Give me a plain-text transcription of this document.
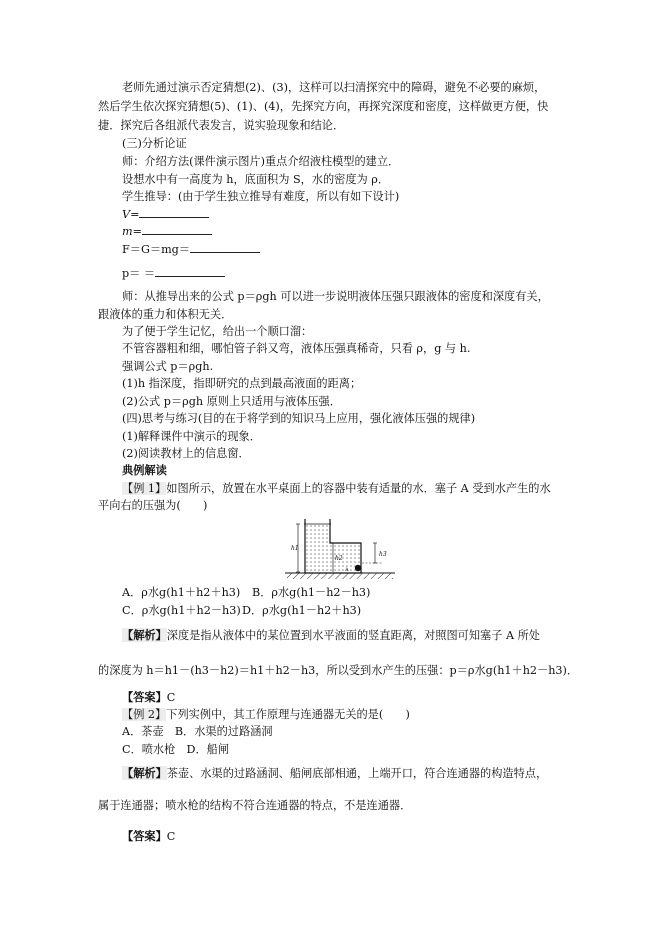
老师先通过演示否定猜想(2)、(3)，这样可以扫清探究中的障碍，避免不必要的麻烦，
然后学生依次探究猜想(5)、(1)、(4)，先探究方向，再探究深度和密度，这样做更方便，快
捷．探究后各组派代表发言，说实验现象和结论．
(三)分析论证
师：介绍方法(课件演示图片)重点介绍液柱模型的建立．
设想水中有一高度为 h，底面积为 S，水的密度为 ρ．
学生推导：(由于学生独立推导有难度，所以有如下设计)
V=
m=
F＝G＝mg＝
p＝ ＝
师：从推导出来的公式 p＝ρgh 可以进一步说明液体压强只跟液体的密度和深度有关，
跟液体的重力和体积无关．
为了便于学生记忆，给出一个顺口溜：
不管容器粗和细，哪怕管子斜又弯，液体压强真稀奇，只看 ρ，g 与 h.
强调公式 p＝ρgh.
(1)h 指深度，指即研究的点到最高液面的距离；
(2)公式 p＝ρgh 原则上只适用与液体压强．
(四)思考与练习(目的在于将学到的知识马上应用，强化液体压强的规律)
(1)解释课件中演示的现象．
(2)阅读教材上的信息窗．
典例解读
【例 1】如图所示，放置在水平桌面上的容器中装有适量的水．塞子 A 受到水产生的水
平向右的压强为(　　)
h1
h2
A
h3
A．ρ水g(h1＋h2＋h3) B．ρ水g(h1－h2－h3)
C．ρ水g(h1＋h2－h3) D．ρ水g(h1－h2＋h3)
【解析】深度是指从液体中的某位置到水平液面的竖直距离，对照图可知塞子 A 所处
的深度为 h＝h1－(h3－h2)＝h1＋h2－h3，所以受到水产生的压强：p＝ρ水g(h1＋h2－h3)．
【答案】C
【例 2】下列实例中，其工作原理与连通器无关的是(　　)
A．茶壶　B．水渠的过路涵洞
C．喷水枪　D．船闸
【解析】茶壶、水渠的过路涵洞、船闸底部相通，上端开口，符合连通器的构造特点，
属于连通器；喷水枪的结构不符合连通器的特点，不是连通器．
【答案】C
